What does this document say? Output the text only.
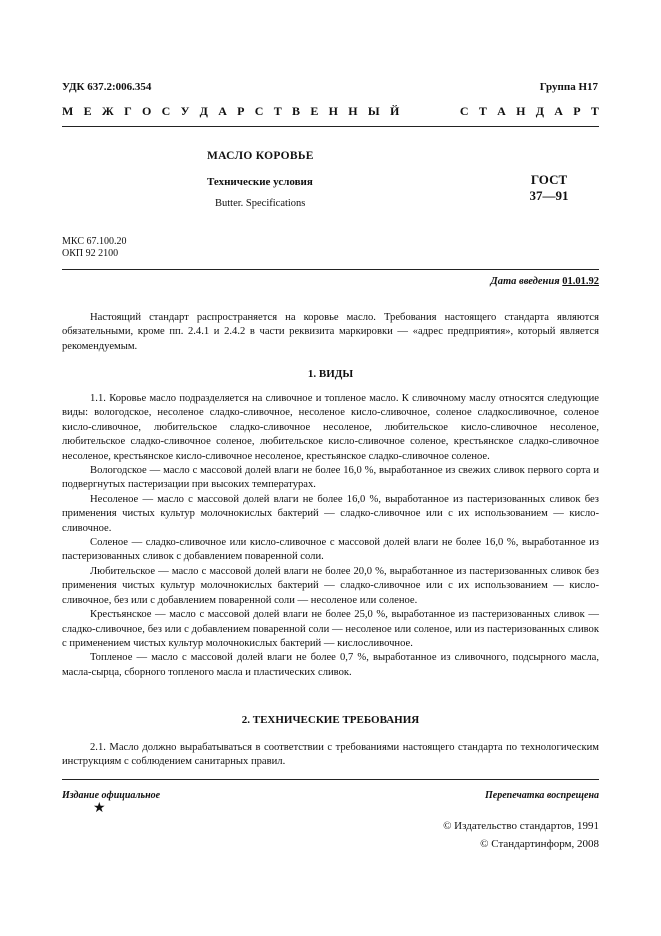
УДК 637.2:006.354	Группа Н17
М Е Ж Г О С У Д А Р С Т В Е Н Н Ы Й	С Т А Н Д А Р Т
МАСЛО КОРОВЬЕ
Технические условия
Butter. Specifications
ГОСТ
37—91
МКС 67.100.20
ОКП 92 2100
Дата введения 01.01.92

Настоящий стандарт распространяется на коровье масло. Требования настоящего стандарта являются обязательными, кроме пп. 2.4.1 и 2.4.2 в части реквизита маркировки — «адрес предприятия», который является рекомендуемым.

1. ВИДЫ

1.1. Коровье масло подразделяется на сливочное и топленое масло. К сливочному маслу относятся следующие виды: вологодское, несоленое сладко-сливочное, несоленое кисло-сливочное, соленое сладкосливочное, соленое кисло-сливочное, любительское сладко-сливочное несоленое, любительское кисло-сливочное несоленое, любительское сладко-сливочное соленое, любительское кисло-сливочное соленое, крестьянское сладко-сливочное несоленое, крестьянское кисло-сливочное несоленое, крестьянское сладко-сливочное соленое.

Вологодское — масло с массовой долей влаги не более 16,0 %, выработанное из свежих сливок первого сорта и подвергнутых пастеризации при высоких температурах.

Несоленое — масло с массовой долей влаги не более 16,0 %, выработанное из пастеризованных сливок без применения чистых культур молочнокислых бактерий — сладко-сливочное или с их использованием — кисло-сливочное.

Соленое — сладко-сливочное или кисло-сливочное с массовой долей влаги не более 16,0 %, выработанное из пастеризованных сливок с добавлением поваренной соли.

Любительское — масло с массовой долей влаги не более 20,0 %, выработанное из пастеризованных сливок без применения чистых культур молочнокислых бактерий — сладко-сливочное или с их использованием — кисло-сливочное, без или с добавлением поваренной соли — несоленое или соленое.

Крестьянское — масло с массовой долей влаги не более 25,0 %, выработанное из пастеризованных сливок — сладко-сливочное, без или с добавлением поваренной соли — несоленое или соленое, или из пастеризованных сливок с применением чистых культур молочнокислых бактерий — кислосливочное.

Топленое — масло с массовой долей влаги не более 0,7 %, выработанное из сливочного, подсырного масла, масла-сырца, сборного топленого масла и пластических сливок.

2. ТЕХНИЧЕСКИЕ ТРЕБОВАНИЯ

2.1. Масло должно вырабатываться в соответствии с требованиями настоящего стандарта по технологическим инструкциям с соблюдением санитарных правил.

Издание официальное
★
Перепечатка воспрещена
© Издательство стандартов, 1991
© Стандартинформ, 2008
